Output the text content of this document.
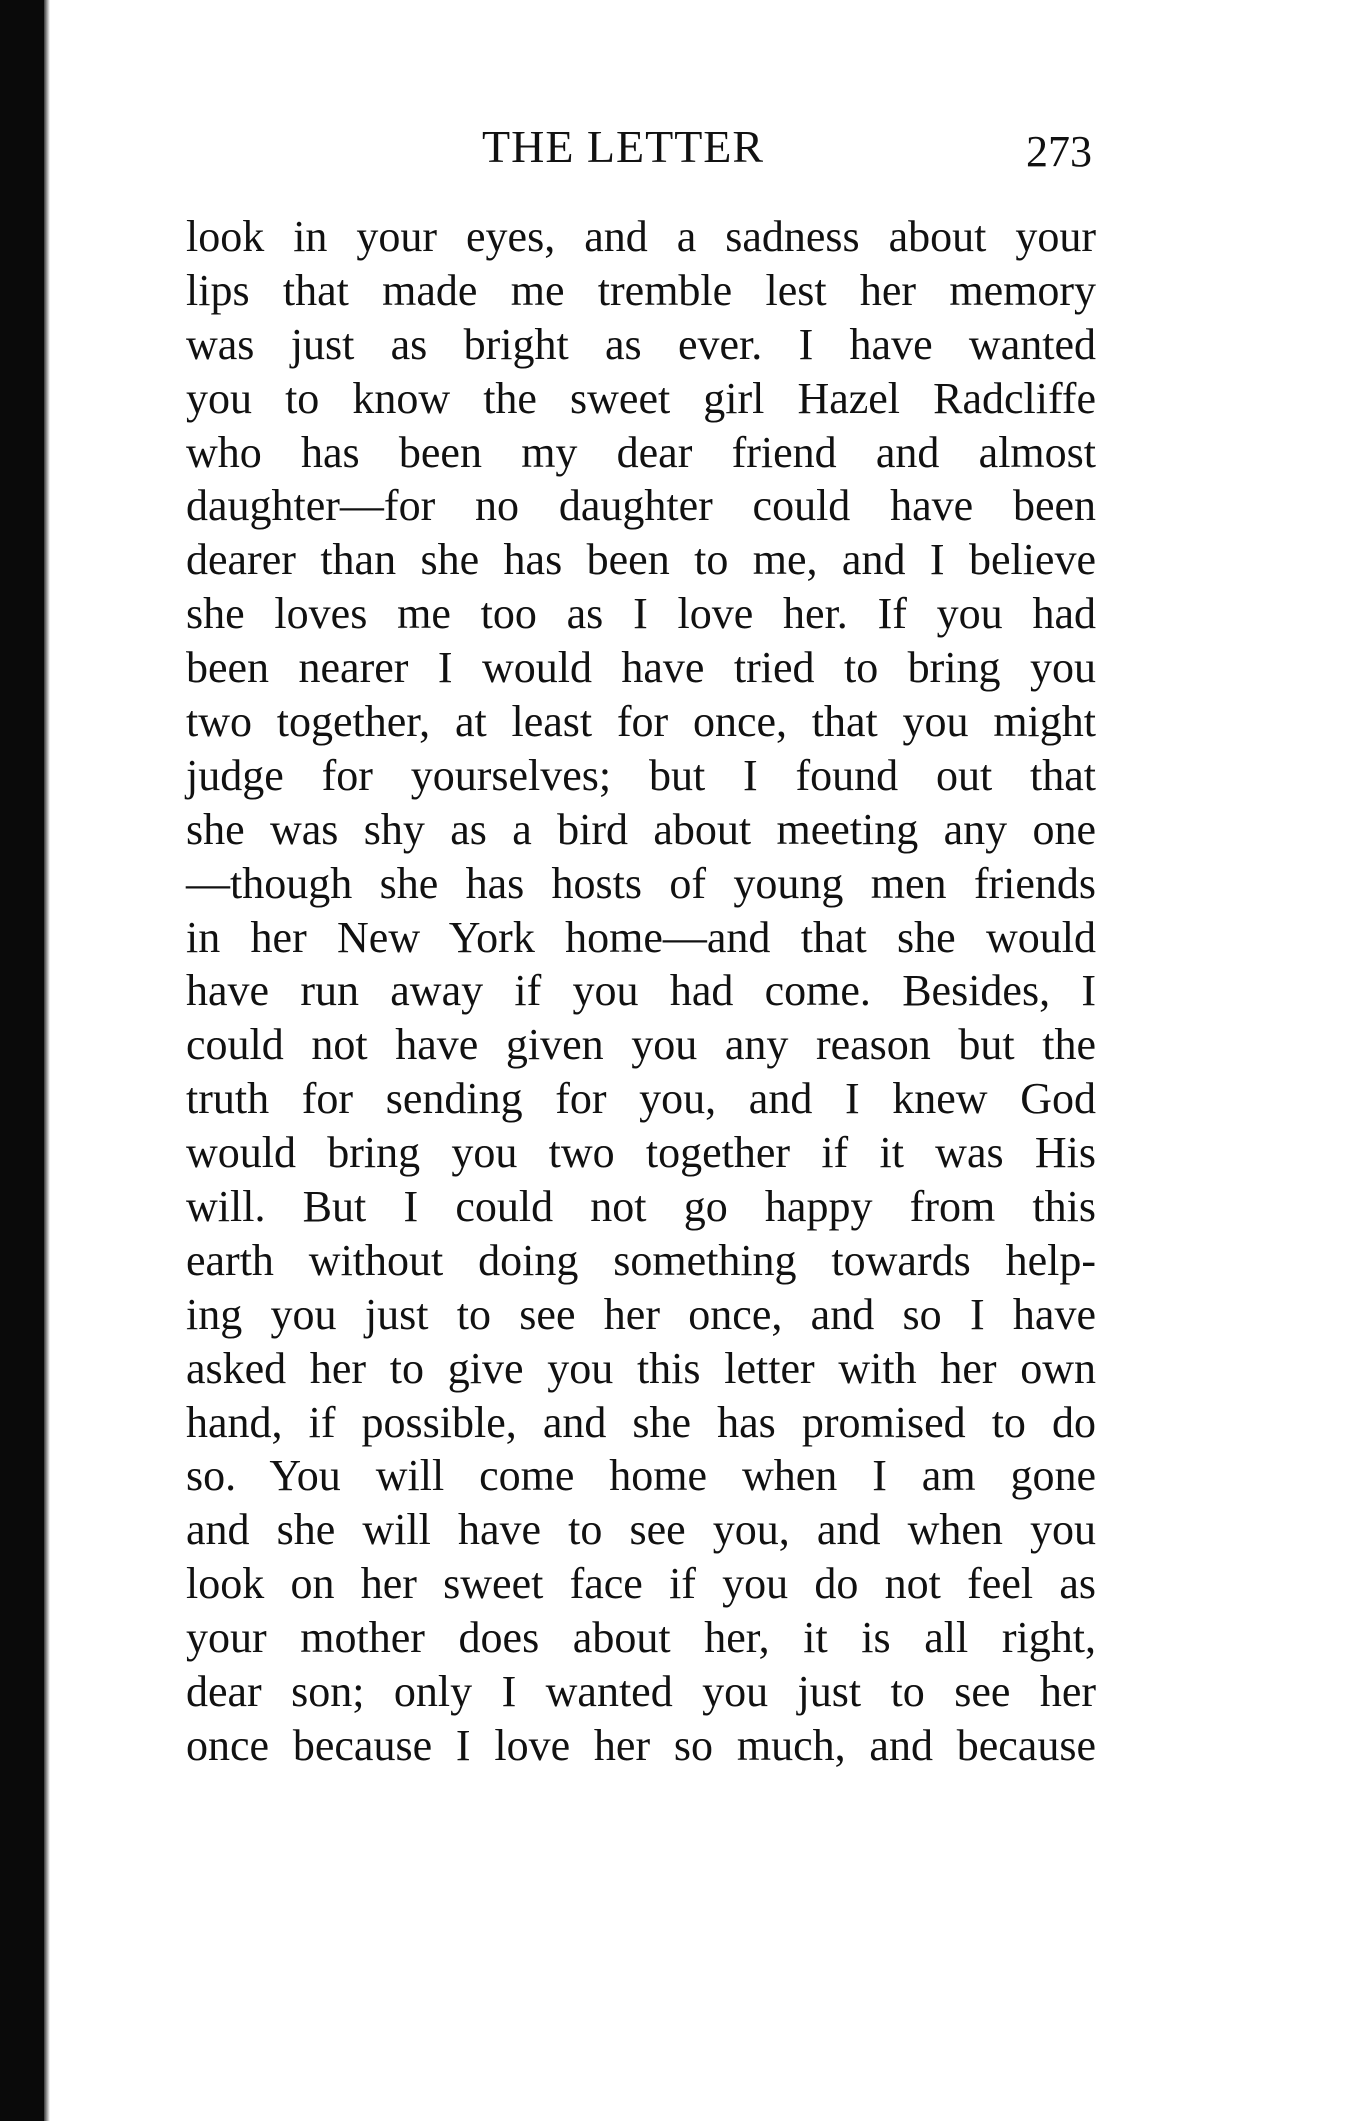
THE LETTER	273
look in your eyes, and a sadness about your
lips that made me tremble lest her memory
was just as bright as ever. I have wanted
you to know the sweet girl Hazel Radcliffe
who has been my dear friend and almost
daughter—for no daughter could have been
dearer than she has been to me, and I believe
she loves me too as I love her. If you had
been nearer I would have tried to bring you
two together, at least for once, that you might
judge for yourselves; but I found out that
she was shy as a bird about meeting any one
—though she has hosts of young men friends
in her New York home—and that she would
have run away if you had come. Besides, I
could not have given you any reason but the
truth for sending for you, and I knew God
would bring you two together if it was His
will. But I could not go happy from this
earth without doing something towards help-
ing you just to see her once, and so I have
asked her to give you this letter with her own
hand, if possible, and she has promised to do
so. You will come home when I am gone
and she will have to see you, and when you
look on her sweet face if you do not feel as
your mother does about her, it is all right,
dear son; only I wanted you just to see her
once because I love her so much, and because
